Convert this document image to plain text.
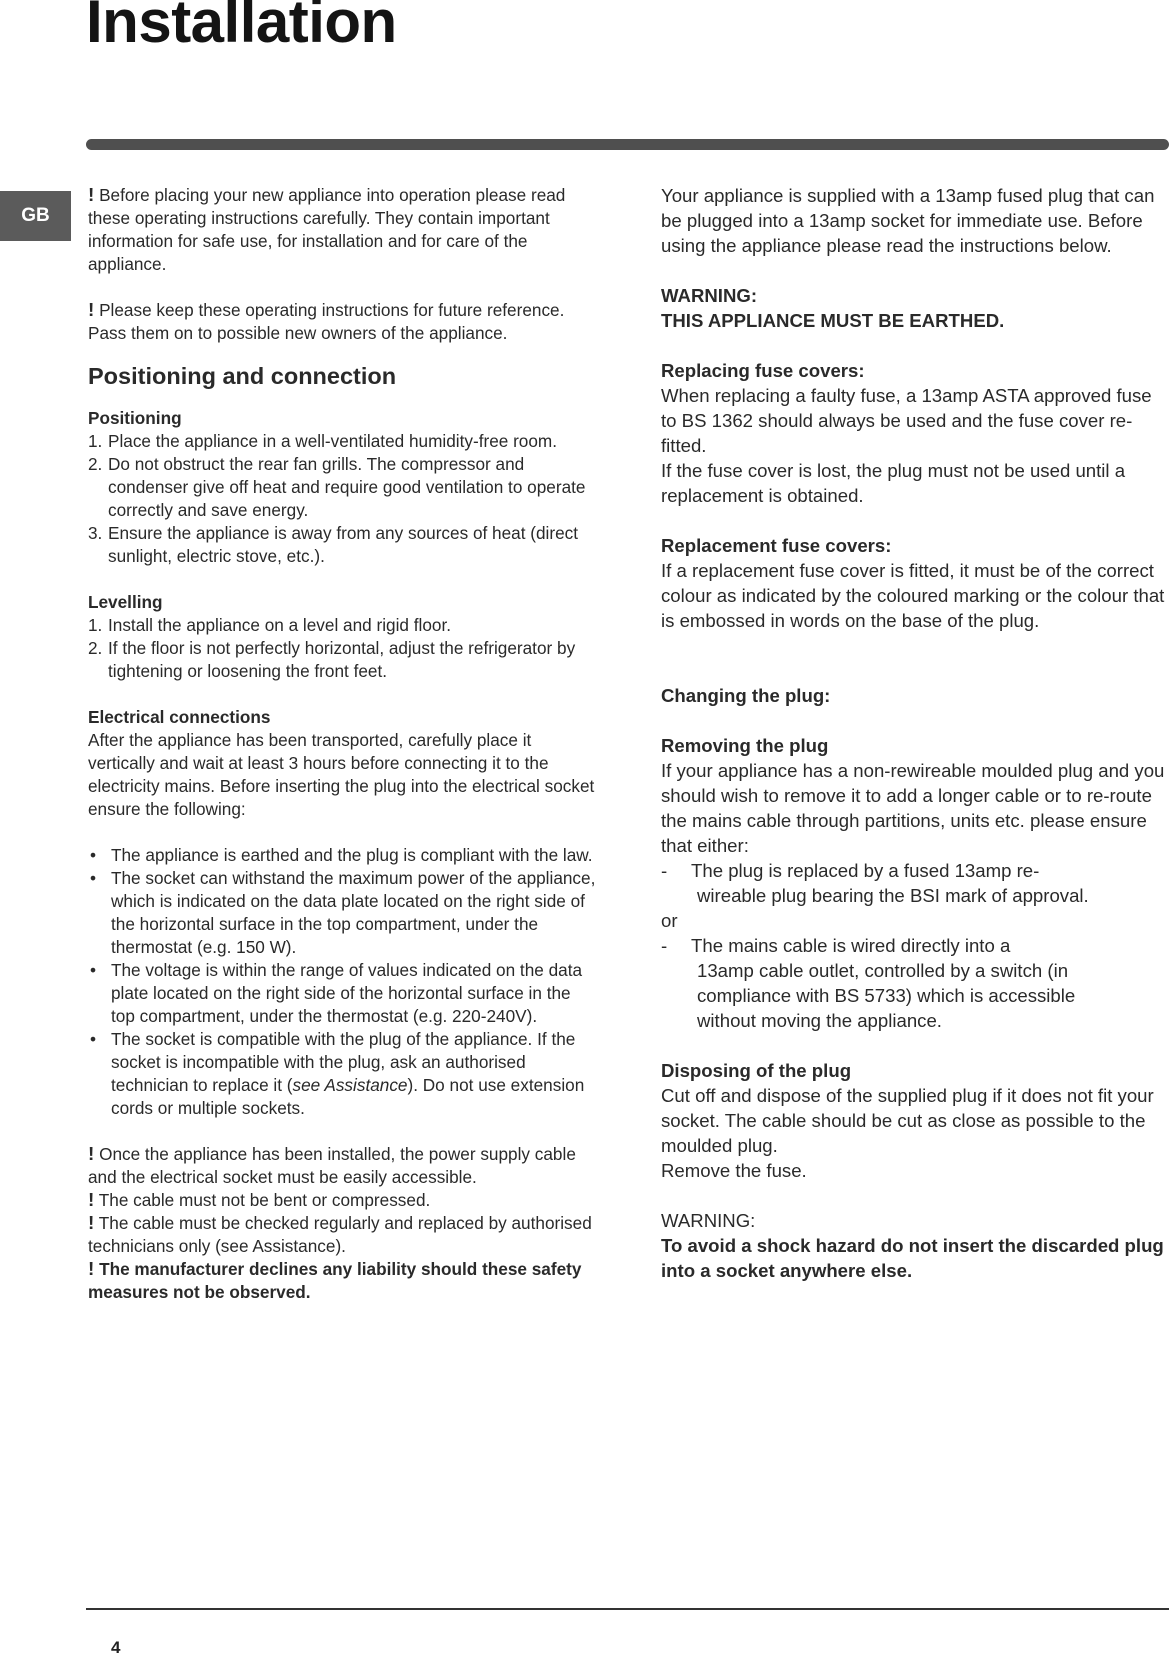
Installation
GB

! Before placing your new appliance into operation please read these operating instructions carefully. They contain important information for safe use, for installation and for care of the appliance.

! Please keep these operating instructions for future reference. Pass them on to possible new owners of the appliance.

Positioning and connection

Positioning

1. Place the appliance in a well-ventilated humidity-free room.
2. Do not obstruct the rear fan grills. The compressor and condenser give off heat and require good ventilation to operate correctly and save energy.
3. Ensure the appliance is away from any sources of heat (direct sunlight, electric stove, etc.).

Levelling

1. Install the appliance on a level and rigid floor.
2. If the floor is not perfectly horizontal, adjust the refrigerator by tightening or loosening the front feet.

Electrical connections

After the appliance has been transported, carefully place it vertically and wait at least 3 hours before connecting it to the electricity mains. Before inserting the plug into the electrical socket ensure the following:

• The appliance is earthed and the plug is compliant with the law.
• The socket can withstand the maximum power of the appliance, which is indicated on the data plate located on the right side of the horizontal surface in the top compartment, under the thermostat (e.g. 150 W).
• The voltage is within the range of values indicated on the data plate located on the right side of the horizontal surface in the top compartment, under the thermostat (e.g. 220-240V).
• The socket is compatible with the plug of the appliance. If the socket is incompatible with the plug, ask an authorised technician to replace it (see Assistance). Do not use extension cords or multiple sockets.

! Once the appliance has been installed, the power supply cable and the electrical socket must be easily accessible.

! The cable must not be bent or compressed.

! The cable must be checked regularly and replaced by authorised technicians only (see Assistance).

! The manufacturer declines any liability should these safety measures not be observed.

Your appliance is supplied with a 13amp fused plug that can be plugged into a 13amp socket for immediate use. Before using the appliance please read the instructions below.

WARNING:

THIS APPLIANCE MUST BE EARTHED.

Replacing fuse covers:

When replacing a faulty fuse, a 13amp ASTA approved fuse to BS 1362 should always be used and the fuse cover re-fitted.

If the fuse cover is lost, the plug must not be used until a replacement is obtained.

Replacement fuse covers:

If a replacement fuse cover is fitted, it must be of the correct colour as indicated by the coloured marking or the colour that is embossed in words on the base of the plug.

Changing the plug:

Removing the plug

If your appliance has a non-rewireable moulded plug and you should wish to remove it to add a longer cable or to re-route the mains cable through partitions, units etc. please ensure that either:

-	The plug is replaced by a fused 13amp re-
wireable plug bearing the BSI mark of approval.

or

-	The mains cable is wired directly into a
13amp cable outlet, controlled by a switch (in compliance with BS 5733) which is accessible without moving the appliance.

Disposing of the plug

Cut off and dispose of the supplied plug if it does not fit your socket. The cable should be cut as close as possible to the moulded plug.

Remove the fuse.

WARNING:

To avoid a shock hazard do not insert the discarded plug into a socket anywhere else.

4
